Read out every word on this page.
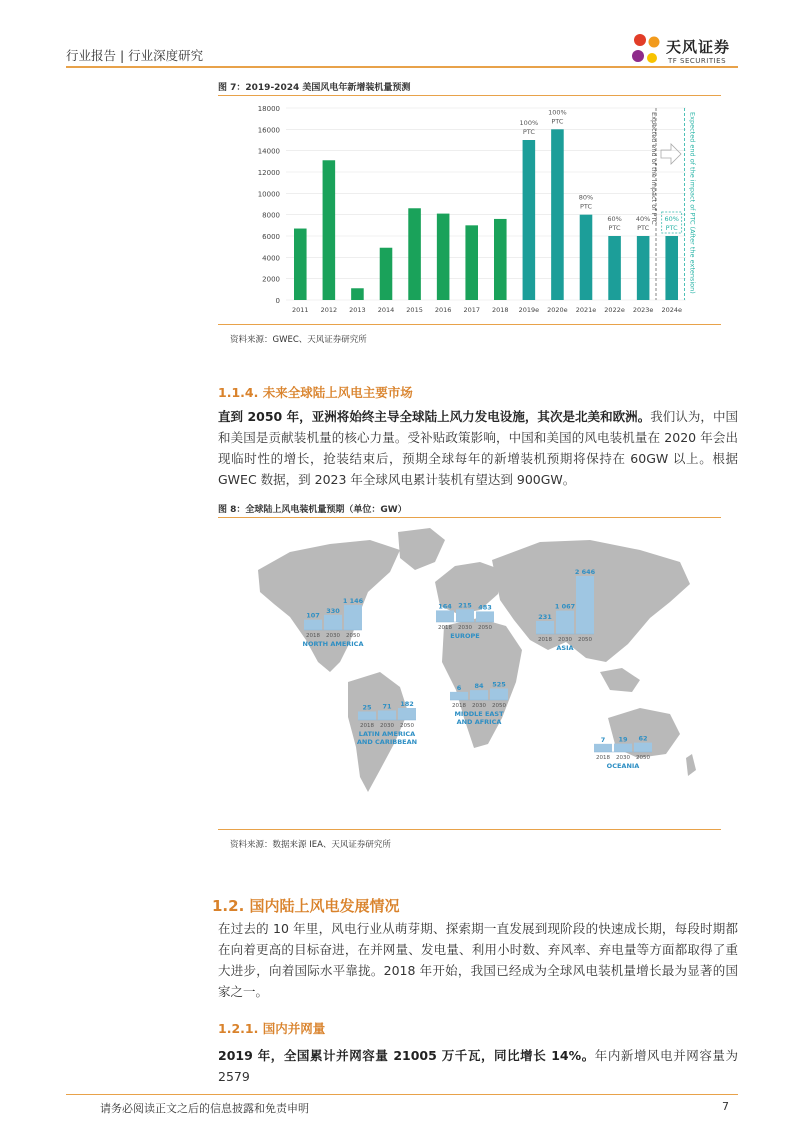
行业报告 | 行业深度研究	天风证券
TF SECURITIES
图 7：2019-2024 美国风电年新增装机量预测
0
2000
4000
6000
8000
10000
12000
14000
16000
18000
2011 2012 2013 2014 2015 2016 2017 2018 2019e 2020e 2021e 2022e 2023e 2024e
100%
PTC
100%
PTC
80%
PTC
60%
PTC
40%
PTC
60%
PTC
Expected end of the impact of PTC	Expected end of the impact of PTC (After the extension)
资料来源：GWEC、天风证券研究所
1.1.4. 未来全球陆上风电主要市场
直到 2050 年，亚洲将始终主导全球陆上风力发电设施，其次是北美和欧洲。我们认为，中国和美国是贡献装机量的核心力量。受补贴政策影响，中国和美国的风电装机量在 2020 年会出现临时性的增长，抢装结束后，预期全球每年的新增装机预期将保持在 60GW 以上。根据 GWEC 数据，到 2023 年全球风电累计装机有望达到 900GW。
图 8：全球陆上风电装机量预期（单位：GW）
107
2018
330
2030
1 146
2050
NORTH AMERICA
164
2018
215
2030
483
2050
EUROPE
231
2018
1 067
2030
2 646
2050
ASIA
6
2018
84
2030
525
2050
MIDDLE EAST
AND AFRICA
25
2018
71
2030
182
2050
LATIN AMERICA
AND CARIBBEAN	7
2018
19
2030
62
2050
OCEANIA
资料来源：数据来源 IEA、天风证券研究所
1.2. 国内陆上风电发展情况
在过去的 10 年里，风电行业从萌芽期、探索期一直发展到现阶段的快速成长期，每段时期都在向着更高的目标奋进，在并网量、发电量、利用小时数、弃风率、弃电量等方面都取得了重大进步，向着国际水平靠拢。2018 年开始，我国已经成为全球风电装机量增长最为显著的国家之一。
1.2.1. 国内并网量
2019 年，全国累计并网容量 21005 万千瓦，同比增长 14%。年内新增风电并网容量为 2579
请务必阅读正文之后的信息披露和免责申明	7
